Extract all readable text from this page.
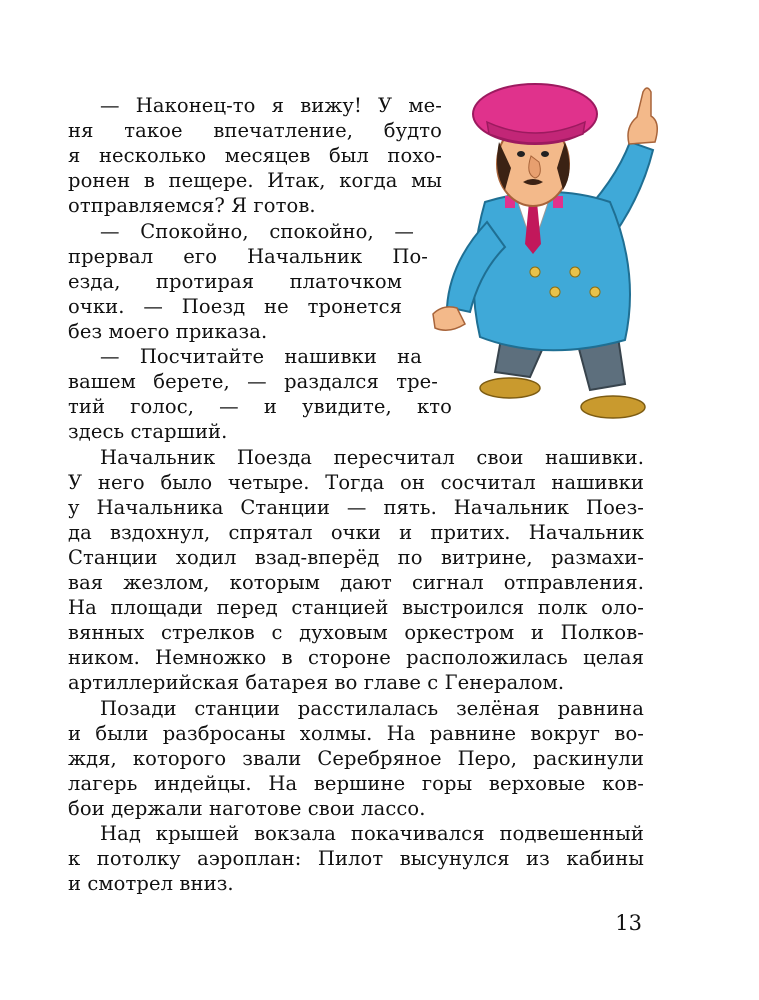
— Наконец-то я вижу! У ме-
ня такое впечатление, будто
я несколько месяцев был похо-
ронен в пещере. Итак, когда мы
отправляемся? Я готов.
— Спокойно, спокойно, —
прервал его Начальник По-
езда, протирая платочком
очки. — Поезд не тронется
без моего приказа.
— Посчитайте нашивки на
вашем берете, — раздался тре-
тий голос, — и увидите, кто
здесь старший.
Начальник Поезда пересчитал свои нашивки.
У него было четыре. Тогда он сосчитал нашивки
у Начальника Станции — пять. Начальник Поез-
да вздохнул, спрятал очки и притих. Начальник
Станции ходил взад-вперёд по витрине, размахи-
вая жезлом, которым дают сигнал отправления.
На площади перед станцией выстроился полк оло-
вянных стрелков с духовым оркестром и Полков-
ником. Немножко в стороне расположилась целая
артиллерийская батарея во главе с Генералом.
Позади станции расстилалась зелёная равнина
и были разбросаны холмы. На равнине вокруг во-
ждя, которого звали Серебряное Перо, раскинули
лагерь индейцы. На вершине горы верховые ков-
бои держали наготове свои лассо.
Над крышей вокзала покачивался подвешенный
к потолку аэроплан: Пилот высунулся из кабины
и смотрел вниз.
13
